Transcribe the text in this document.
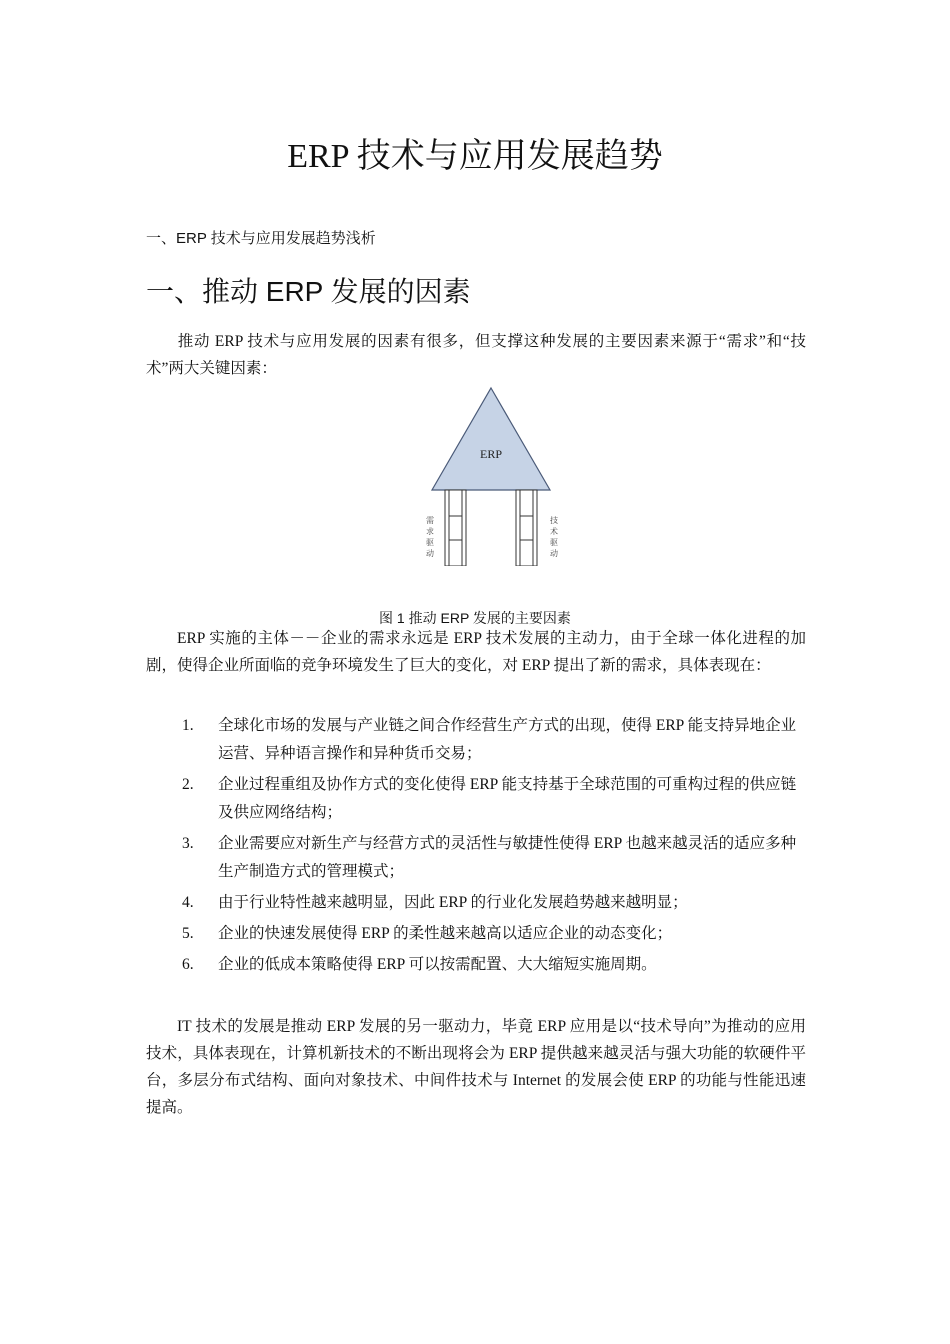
ERP 技术与应用发展趋势
一、ERP 技术与应用发展趋势浅析
一、推动 ERP 发展的因素
推动 ERP 技术与应用发展的因素有很多，但支撑这种发展的主要因素来源于“需求”和“技术”两大关键因素：
ERP
需求驱动	技术驱动
图 1 推动 ERP 发展的主要因素
ERP 实施的主体－－企业的需求永远是 ERP 技术发展的主动力，由于全球一体化进程的加剧，使得企业所面临的竞争环境发生了巨大的变化，对 ERP 提出了新的需求，具体表现在：
1. 全球化市场的发展与产业链之间合作经营生产方式的出现，使得 ERP 能支持异地企业运营、异种语言操作和异种货币交易；
2. 企业过程重组及协作方式的变化使得 ERP 能支持基于全球范围的可重构过程的供应链及供应网络结构；
3. 企业需要应对新生产与经营方式的灵活性与敏捷性使得 ERP 也越来越灵活的适应多种生产制造方式的管理模式；
4. 由于行业特性越来越明显，因此 ERP 的行业化发展趋势越来越明显；
5. 企业的快速发展使得 ERP 的柔性越来越高以适应企业的动态变化；
6. 企业的低成本策略使得 ERP 可以按需配置、大大缩短实施周期。
IT 技术的发展是推动 ERP 发展的另一驱动力，毕竟 ERP 应用是以“技术导向”为推动的应用技术，具体表现在，计算机新技术的不断出现将会为 ERP 提供越来越灵活与强大功能的软硬件平台，多层分布式结构、面向对象技术、中间件技术与 Internet 的发展会使 ERP 的功能与性能迅速提高。
